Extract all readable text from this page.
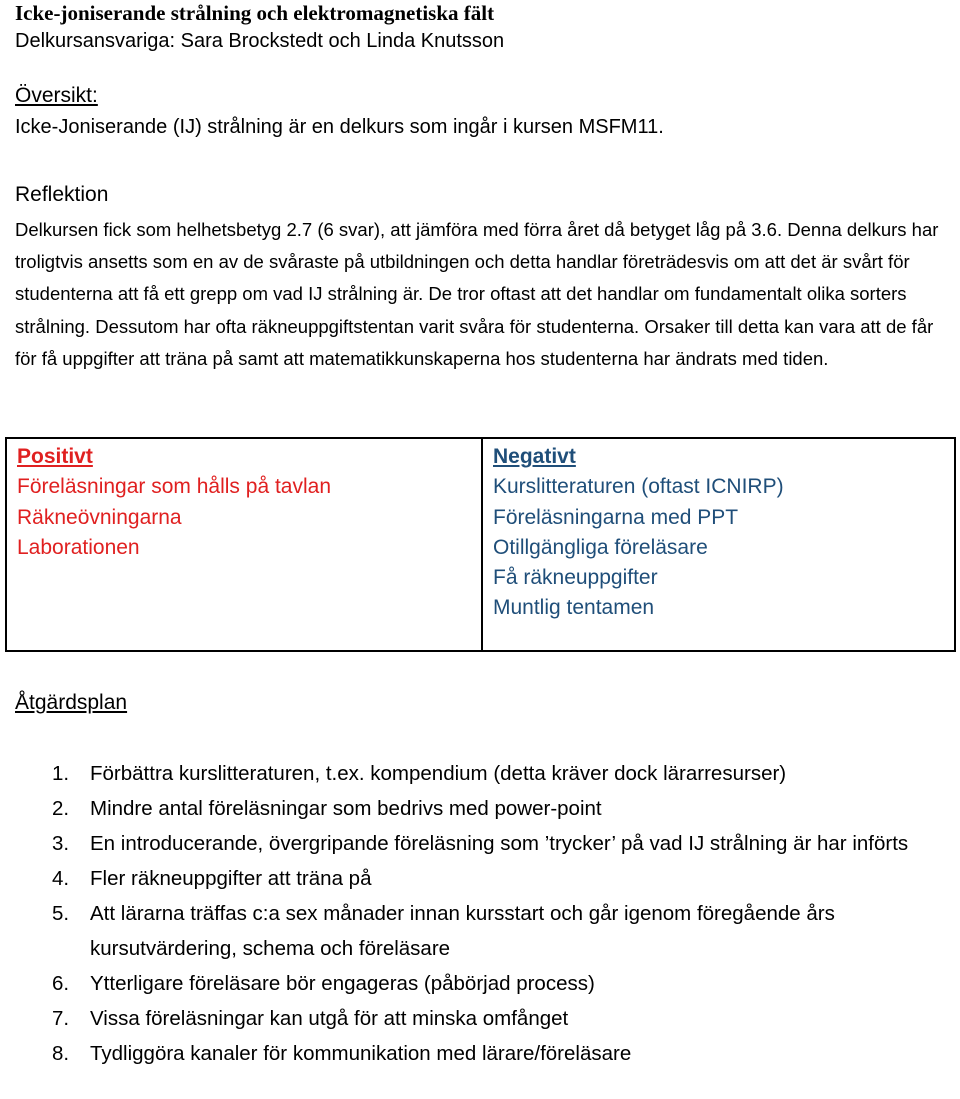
Icke-joniserande strålning och elektromagnetiska fält
Delkursansvariga: Sara Brockstedt och Linda Knutsson
Översikt:
Icke-Joniserande (IJ) strålning är en delkurs som ingår i kursen MSFM11.
Reflektion

Delkursen fick som helhetsbetyg 2.7 (6 svar), att jämföra med förra året då betyget låg på 3.6. Denna delkurs har troligtvis ansetts som en av de svåraste på utbildningen och detta handlar företrädesvis om att det är svårt för studenterna att få ett grepp om vad IJ strålning är. De tror oftast att det handlar om fundamentalt olika sorters strålning. Dessutom har ofta räkneuppgiftstentan varit svåra för studenterna. Orsaker till detta kan vara att de får för få uppgifter att träna på samt att matematikkunskaperna hos studenterna har ändrats med tiden.

Positivt
Föreläsningar som hålls på tavlan
Räkneövningarna
Laborationen

Negativt
Kurslitteraturen (oftast ICNIRP)
Föreläsningarna med PPT
Otillgängliga föreläsare
Få räkneuppgifter
Muntlig tentamen
Åtgärdsplan
1. Förbättra kurslitteraturen, t.ex. kompendium (detta kräver dock lärarresurser)
2. Mindre antal föreläsningar som bedrivs med power-point
3. En introducerande, övergripande föreläsning som ’trycker’ på vad IJ strålning är har införts
4. Fler räkneuppgifter att träna på
5. Att lärarna träffas c:a sex månader innan kursstart och går igenom föregående års kursutvärdering, schema och föreläsare
6. Ytterligare föreläsare bör engageras (påbörjad process)
7. Vissa föreläsningar kan utgå för att minska omfånget
8. Tydliggöra kanaler för kommunikation med lärare/föreläsare
